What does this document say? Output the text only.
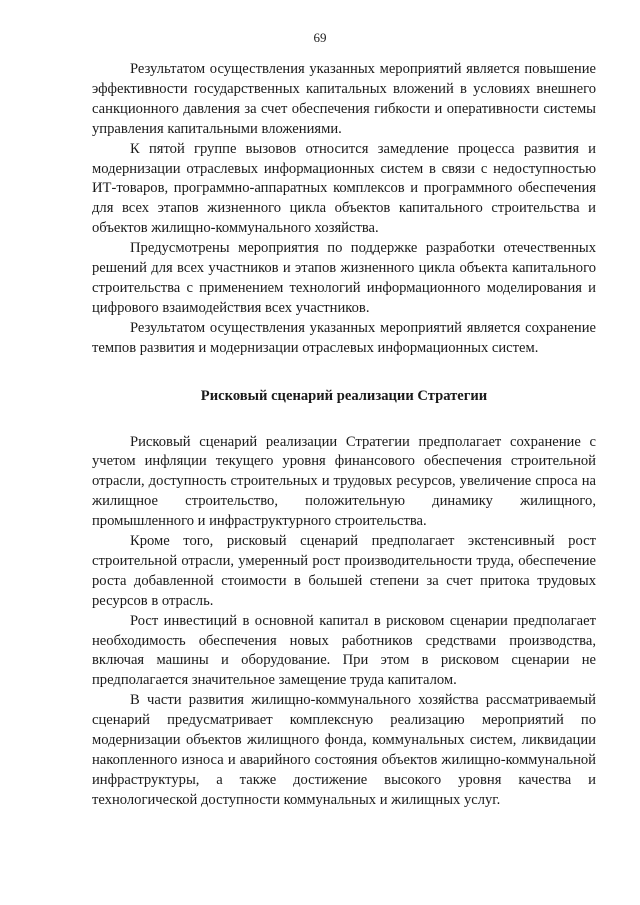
69

Результатом осуществления указанных мероприятий является повышение эффективности государственных капитальных вложений в условиях внешнего санкционного давления за счет обеспечения гибкости и оперативности системы управления капитальными вложениями.

К пятой группе вызовов относится замедление процесса развития и модернизации отраслевых информационных систем в связи с недоступностью ИТ-товаров, программно-аппаратных комплексов и программного обеспечения для всех этапов жизненного цикла объектов капитального строительства и объектов жилищно-коммунального хозяйства.

Предусмотрены мероприятия по поддержке разработки отечественных решений для всех участников и этапов жизненного цикла объекта капитального строительства с применением технологий информационного моделирования и цифрового взаимодействия всех участников.

Результатом осуществления указанных мероприятий является сохранение темпов развития и модернизации отраслевых информационных систем.

Рисковый сценарий реализации Стратегии

Рисковый сценарий реализации Стратегии предполагает сохранение с учетом инфляции текущего уровня финансового обеспечения строительной отрасли, доступность строительных и трудовых ресурсов, увеличение спроса на жилищное строительство, положительную динамику жилищного, промышленного и инфраструктурного строительства.

Кроме того, рисковый сценарий предполагает экстенсивный рост строительной отрасли, умеренный рост производительности труда, обеспечение роста добавленной стоимости в большей степени за счет притока трудовых ресурсов в отрасль.

Рост инвестиций в основной капитал в рисковом сценарии предполагает необходимость обеспечения новых работников средствами производства, включая машины и оборудование. При этом в рисковом сценарии не предполагается значительное замещение труда капиталом.

В части развития жилищно-коммунального хозяйства рассматриваемый сценарий предусматривает комплексную реализацию мероприятий по модернизации объектов жилищного фонда, коммунальных систем, ликвидации накопленного износа и аварийного состояния объектов жилищно-коммунальной инфраструктуры, а также достижение высокого уровня качества и технологической доступности коммунальных и жилищных услуг.
